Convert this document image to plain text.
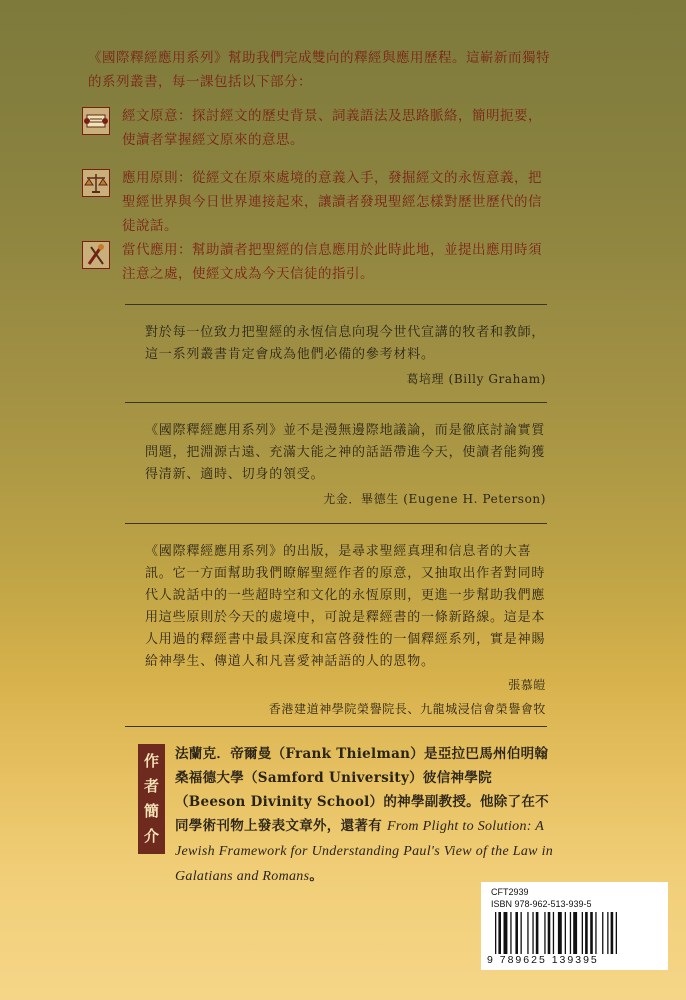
《國際釋經應用系列》幫助我們完成雙向的釋經與應用歷程。這嶄新而獨特的系列叢書，每一課包括以下部分：
經文原意：探討經文的歷史背景、詞義語法及思路脈絡，簡明扼要，使讀者掌握經文原來的意思。
應用原則：從經文在原來處境的意義入手，發掘經文的永恆意義，把聖經世界與今日世界連接起來，讓讀者發現聖經怎樣對歷世歷代的信徒說話。
當代應用：幫助讀者把聖經的信息應用於此時此地，並提出應用時須注意之處，使經文成為今天信徒的指引。
對於每一位致力把聖經的永恆信息向現今世代宣講的牧者和教師，這一系列叢書肯定會成為他們必備的參考材料。
葛培理 (Billy Graham)
《國際釋經應用系列》並不是漫無邊際地議論，而是徹底討論實質問題，把淵源古遠、充滿大能之神的話語帶進今天，使讀者能夠獲得清新、適時、切身的領受。
尤金．畢德生 (Eugene H. Peterson)
《國際釋經應用系列》的出版，是尋求聖經真理和信息者的大喜訊。它一方面幫助我們瞭解聖經作者的原意，又抽取出作者對同時代人說話中的一些超時空和文化的永恆原則，更進一步幫助我們應用這些原則於今天的處境中，可說是釋經書的一條新路線。這是本人用過的釋經書中最具深度和富啓發性的一個釋經系列，實是神賜給神學生、傳道人和凡喜愛神話語的人的恩物。
張慕皚
香港建道神學院榮譽院長、九龍城浸信會榮譽會牧
作
者
簡
介
法蘭克．帝爾曼（Frank Thielman）是亞拉巴馬州伯明翰桑福德大學（Samford University）彼信神學院（Beeson Divinity School）的神學副教授。他除了在不同學術刊物上發表文章外，還著有 From Plight to Solution: A Jewish Framework for Understanding Paul's View of the Law in Galatians and Romans。
CFT2939
ISBN 978-962-513-939-5
9 789625 139395
